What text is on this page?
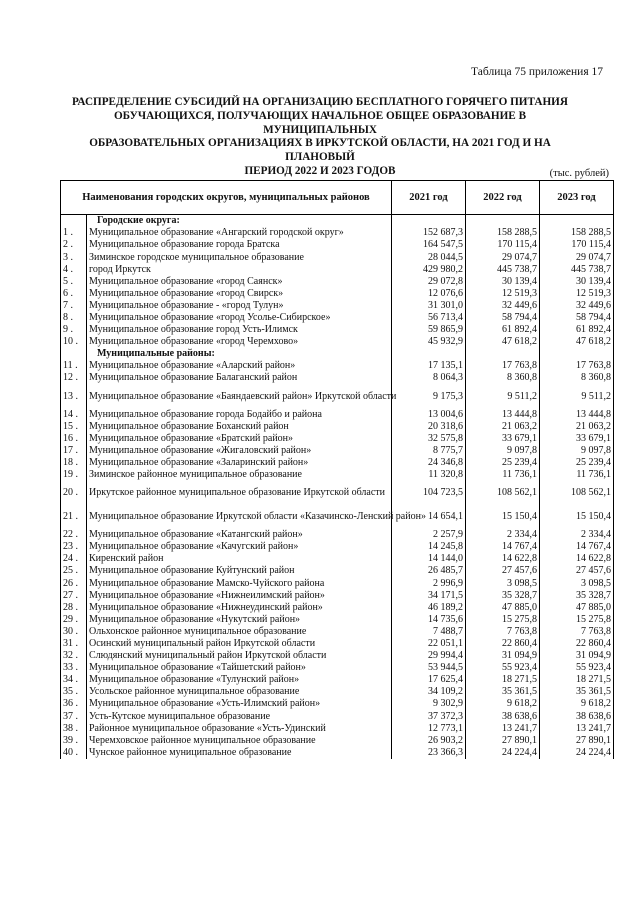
Таблица 75 приложения 17
РАСПРЕДЕЛЕНИЕ СУБСИДИЙ НА ОРГАНИЗАЦИЮ БЕСПЛАТНОГО ГОРЯЧЕГО ПИТАНИЯ
ОБУЧАЮЩИХСЯ, ПОЛУЧАЮЩИХ НАЧАЛЬНОЕ ОБЩЕЕ ОБРАЗОВАНИЕ В МУНИЦИПАЛЬНЫХ
ОБРАЗОВАТЕЛЬНЫХ ОРГАНИЗАЦИЯХ В ИРКУТСКОЙ ОБЛАСТИ, НА 2021 ГОД И НА ПЛАНОВЫЙ
ПЕРИОД 2022 И 2023 ГОДОВ	(тыс. рублей)
Наименования городских округов, муниципальных районов		2021 год	2022 год	2023 год
	Городские округа:			
1 .	Муниципальное образование «Ангарский городской округ»	152 687,3	158 288,5	158 288,5
2 .	Муниципальное образование города Братска	164 547,5	170 115,4	170 115,4
3 .	Зиминское городское муниципальное образование	28 044,5	29 074,7	29 074,7
4 .	город Иркутск	429 980,2	445 738,7	445 738,7
5 .	Муниципальное образование «город Саянск»	29 072,8	30 139,4	30 139,4
6 .	Муниципальное образование «город Свирск»	12 076,6	12 519,3	12 519,3
7 .	Муниципальное образование - «город Тулун»	31 301,0	32 449,6	32 449,6
8 .	Муниципальное образование «город Усолье-Сибирское»	56 713,4	58 794,4	58 794,4
9 .	Муниципальное образование город Усть-Илимск	59 865,9	61 892,4	61 892,4
10 .	Муниципальное образование «город Черемхово»	45 932,9	47 618,2	47 618,2
	Муниципальные районы:			
11 .	Муниципальное образование «Аларский район»	17 135,1	17 763,8	17 763,8
12 .	Муниципальное образование Балаганский район	8 064,3	8 360,8	8 360,8
13 .	Муниципальное образование «Баяндаевский район» Иркутской области	9 175,3	9 511,2	9 511,2
14 .	Муниципальное образование города Бодайбо и района	13 004,6	13 444,8	13 444,8
15 .	Муниципальное образование Боханский район	20 318,6	21 063,2	21 063,2
16 .	Муниципальное образование «Братский район»	32 575,8	33 679,1	33 679,1
17 .	Муниципальное образование «Жигаловский район»	8 775,7	9 097,8	9 097,8
18 .	Муниципальное образование «Заларинский район»	24 346,8	25 239,4	25 239,4
19 .	Зиминское районное муниципальное образование	11 320,8	11 736,1	11 736,1
20 .	Иркутское районное муниципальное образование Иркутской области	104 723,5	108 562,1	108 562,1
21 .	Муниципальное образование Иркутской области «Казачинско-Ленский район»	14 654,1	15 150,4	15 150,4
22 .	Муниципальное образование «Катангский район»	2 257,9	2 334,4	2 334,4
23 .	Муниципальное образование «Качугский район»	14 245,8	14 767,4	14 767,4
24 .	Киренский район	14 144,0	14 622,8	14 622,8
25 .	Муниципальное образование Куйтунский район	26 485,7	27 457,6	27 457,6
26 .	Муниципальное образование Мамско-Чуйского района	2 996,9	3 098,5	3 098,5
27 .	Муниципальное образование «Нижнеилимский район»	34 171,5	35 328,7	35 328,7
28 .	Муниципальное образование «Нижнеудинский район»	46 189,2	47 885,0	47 885,0
29 .	Муниципальное образование «Нукутский район»	14 735,6	15 275,8	15 275,8
30 .	Ольхонское районное муниципальное образование	7 488,7	7 763,8	7 763,8
31 .	Осинский муниципальный район Иркутской области	22 051,1	22 860,4	22 860,4
32 .	Слюдянский муниципальный район Иркутской области	29 994,4	31 094,9	31 094,9
33 .	Муниципальное образование «Тайшетский район»	53 944,5	55 923,4	55 923,4
34 .	Муниципальное образование «Тулунский район»	17 625,4	18 271,5	18 271,5
35 .	Усольское районное муниципальное образование	34 109,2	35 361,5	35 361,5
36 .	Муниципальное образование «Усть-Илимский район»	9 302,9	9 618,2	9 618,2
37 .	Усть-Кутское муниципальное образование	37 372,3	38 638,6	38 638,6
38 .	Районное муниципальное образование «Усть-Удинский	12 773,1	13 241,7	13 241,7
39 .	Черемховское районное муниципальное образование	26 903,2	27 890,1	27 890,1
40 .	Чунское районное муниципальное образование	23 366,3	24 224,4	24 224,4
